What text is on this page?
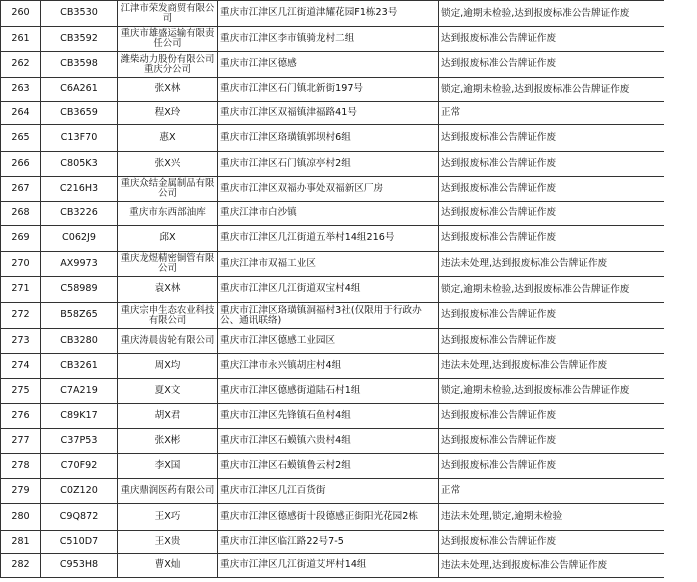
260	CB3530	江津市荣发商贸有限公司	重庆市江津区几江街道津耀花园F1栋23号	锁定,逾期未检验,达到报废标准公告牌证作废
261	CB3592	重庆市雄盛运输有限责任公司	重庆市江津区李市镇骑龙村二组	达到报废标准公告牌证作废
262	CB3598	潍柴动力股份有限公司重庆分公司	重庆市江津区德感	达到报废标准公告牌证作废
263	C6A261	张X林	重庆市江津区石门镇北新街197号	锁定,逾期未检验,达到报废标准公告牌证作废
264	CB3659	程X玲	重庆市江津区双福镇津福路41号	正常
265	C13F70	惠X	重庆市江津区珞璜镇郭坝村6组	达到报废标准公告牌证作废
266	C805K3	张X兴	重庆市江津区石门镇凉亭村2组	达到报废标准公告牌证作废
267	C216H3	重庆众结金属制品有限公司	重庆市江津区双福办事处双福新区厂房	达到报废标准公告牌证作废
268	CB3226	重庆市东西部油库	重庆江津市白沙镇	达到报废标准公告牌证作废
269	C062J9	邱X	重庆市江津区几江街道五举村14组216号	达到报废标准公告牌证作废
270	AX9973	重庆龙煜精密铜管有限公司	重庆江津市双福工业区	违法未处理,达到报废标准公告牌证作废
271	C58989	袁X林	重庆市江津区几江街道双宝村4组	锁定,逾期未检验,达到报废标准公告牌证作废
272	B58Z65	重庆宗申生态农业科技有限公司	重庆市江津区珞璜镇洞福村3社(仅限用于行政办公、通讯联络)	达到报废标准公告牌证作废
273	CB3280	重庆涛晨齿轮有限公司	重庆市江津区德感工业园区	达到报废标准公告牌证作废
274	CB3261	周X均	重庆江津市永兴镇胡庄村4组	违法未处理,达到报废标准公告牌证作废
275	C7A219	夏X文	重庆市江津区德感街道陆石村1组	锁定,逾期未检验,达到报废标准公告牌证作废
276	C89K17	胡X君	重庆市江津区先锋镇石鱼村4组	达到报废标准公告牌证作废
277	C37P53	张X彬	重庆市江津区石蟆镇六贵村4组	达到报废标准公告牌证作废
278	C70F92	李X国	重庆市江津区石蟆镇鲁云村2组	达到报废标准公告牌证作废
279	C0Z120	重庆鼎润医药有限公司	重庆市江津区几江百货街	正常
280	C9Q872	王X巧	重庆市江津区德感街十段德感正街阳光花园2栋	违法未处理,锁定,逾期未检验
281	C510D7	王X贵	重庆市江津区临江路22号7-5	达到报废标准公告牌证作废
282	C953H8	曹X灿	重庆市江津区几江街道艾坪村14组	违法未处理,达到报废标准公告牌证作废
